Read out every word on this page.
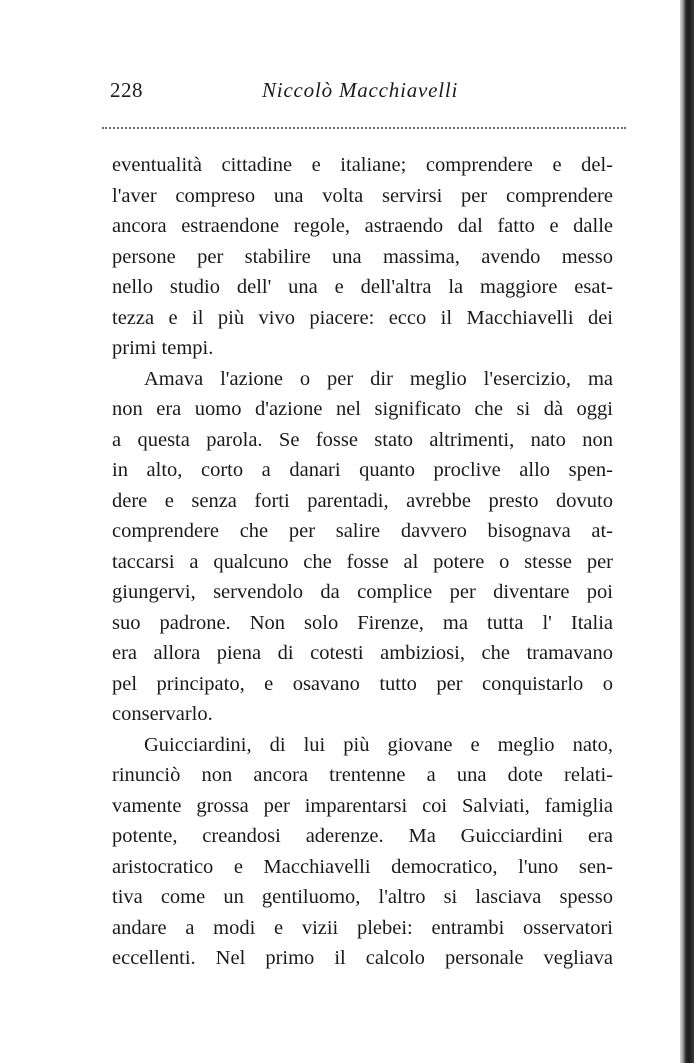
228	Niccolò Macchiavelli
eventualità cittadine e italiane; comprendere e del-
l'aver compreso una volta servirsi per comprendere
ancora estraendone regole, astraendo dal fatto e dalle
persone per stabilire una massima, avendo messo
nello studio dell' una e dell'altra la maggiore esat-
tezza e il più vivo piacere: ecco il Macchiavelli dei
primi tempi.
Amava l'azione o per dir meglio l'esercizio, ma
non era uomo d'azione nel significato che si dà oggi
a questa parola. Se fosse stato altrimenti, nato non
in alto, corto a danari quanto proclive allo spen-
dere e senza forti parentadi, avrebbe presto dovuto
comprendere che per salire davvero bisognava at-
taccarsi a qualcuno che fosse al potere o stesse per
giungervi, servendolo da complice per diventare poi
suo padrone. Non solo Firenze, ma tutta l' Italia
era allora piena di cotesti ambiziosi, che tramavano
pel principato, e osavano tutto per conquistarlo o
conservarlo.
Guicciardini, di lui più giovane e meglio nato,
rinunciò non ancora trentenne a una dote relati-
vamente grossa per imparentarsi coi Salviati, famiglia
potente, creandosi aderenze. Ma Guicciardini era
aristocratico e Macchiavelli democratico, l'uno sen-
tiva come un gentiluomo, l'altro si lasciava spesso
andare a modi e vizii plebei: entrambi osservatori
eccellenti. Nel primo il calcolo personale vegliava
